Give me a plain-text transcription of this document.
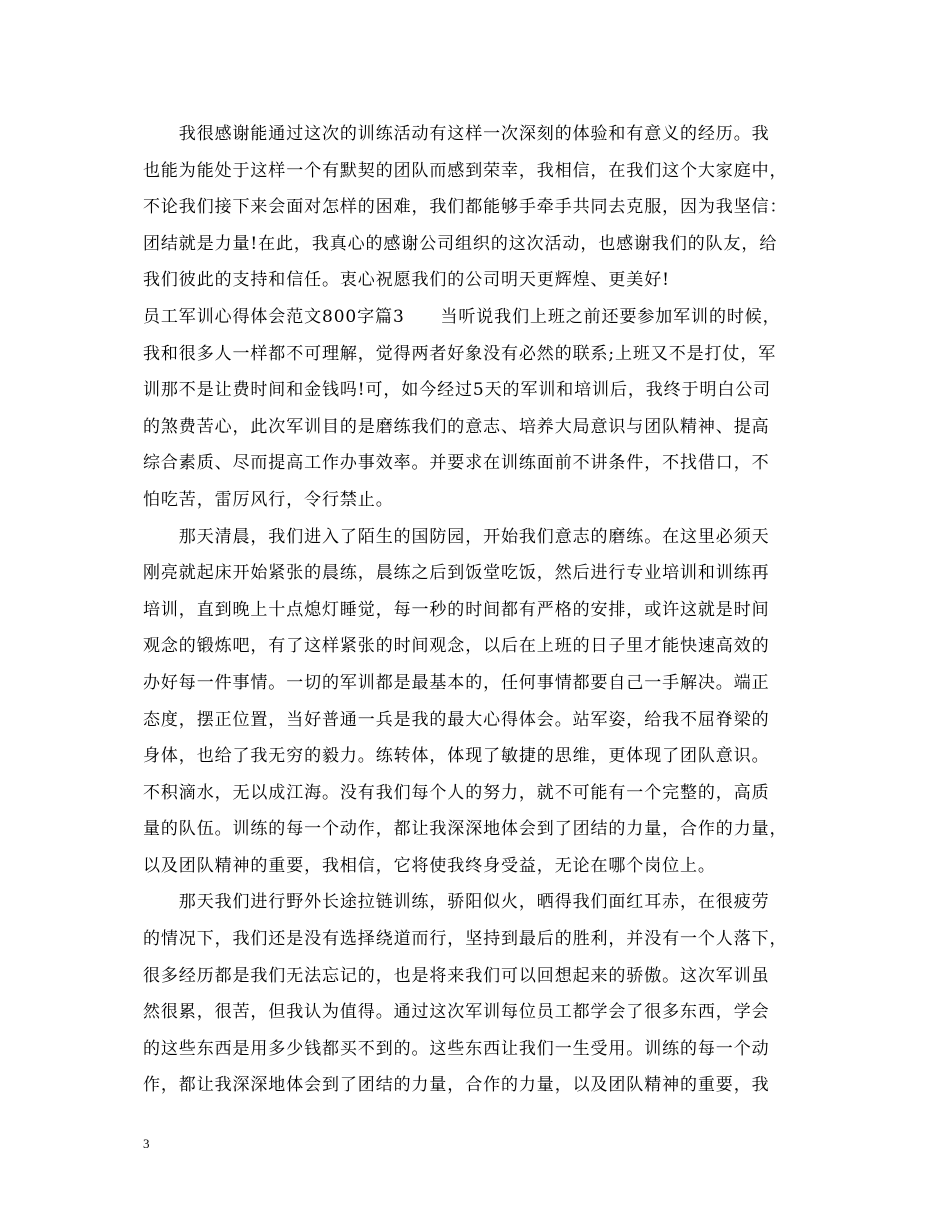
　　我很感谢能通过这次的训练活动有这样一次深刻的体验和有意义的经历。我
也能为能处于这样一个有默契的团队而感到荣幸，我相信，在我们这个大家庭中，
不论我们接下来会面对怎样的困难，我们都能够手牵手共同去克服，因为我坚信：
团结就是力量!在此，我真心的感谢公司组织的这次活动，也感谢我们的队友，给
我们彼此的支持和信任。衷心祝愿我们的公司明天更辉煌、更美好!
员工军训心得体会范文800字篇3　　当听说我们上班之前还要参加军训的时候，
我和很多人一样都不可理解，觉得两者好象没有必然的联系;上班又不是打仗，军
训那不是让费时间和金钱吗!可，如今经过5天的军训和培训后，我终于明白公司
的煞费苦心，此次军训目的是磨练我们的意志、培养大局意识与团队精神、提高
综合素质、尽而提高工作办事效率。并要求在训练面前不讲条件，不找借口，不
怕吃苦，雷厉风行，令行禁止。
　　那天清晨，我们进入了陌生的国防园，开始我们意志的磨练。在这里必须天
刚亮就起床开始紧张的晨练，晨练之后到饭堂吃饭，然后进行专业培训和训练再
培训，直到晚上十点熄灯睡觉，每一秒的时间都有严格的安排，或许这就是时间
观念的锻炼吧，有了这样紧张的时间观念，以后在上班的日子里才能快速高效的
办好每一件事情。一切的军训都是最基本的，任何事情都要自己一手解决。端正
态度，摆正位置，当好普通一兵是我的最大心得体会。站军姿，给我不屈脊梁的
身体，也给了我无穷的毅力。练转体，体现了敏捷的思维，更体现了团队意识。
不积滴水，无以成江海。没有我们每个人的努力，就不可能有一个完整的，高质
量的队伍。训练的每一个动作，都让我深深地体会到了团结的力量，合作的力量，
以及团队精神的重要，我相信，它将使我终身受益，无论在哪个岗位上。
　　那天我们进行野外长途拉链训练，骄阳似火，晒得我们面红耳赤，在很疲劳
的情况下，我们还是没有选择绕道而行，坚持到最后的胜利，并没有一个人落下，
很多经历都是我们无法忘记的，也是将来我们可以回想起来的骄傲。这次军训虽
然很累，很苦，但我认为值得。通过这次军训每位员工都学会了很多东西，学会
的这些东西是用多少钱都买不到的。这些东西让我们一生受用。训练的每一个动
作，都让我深深地体会到了团结的力量，合作的力量，以及团队精神的重要，我
3
